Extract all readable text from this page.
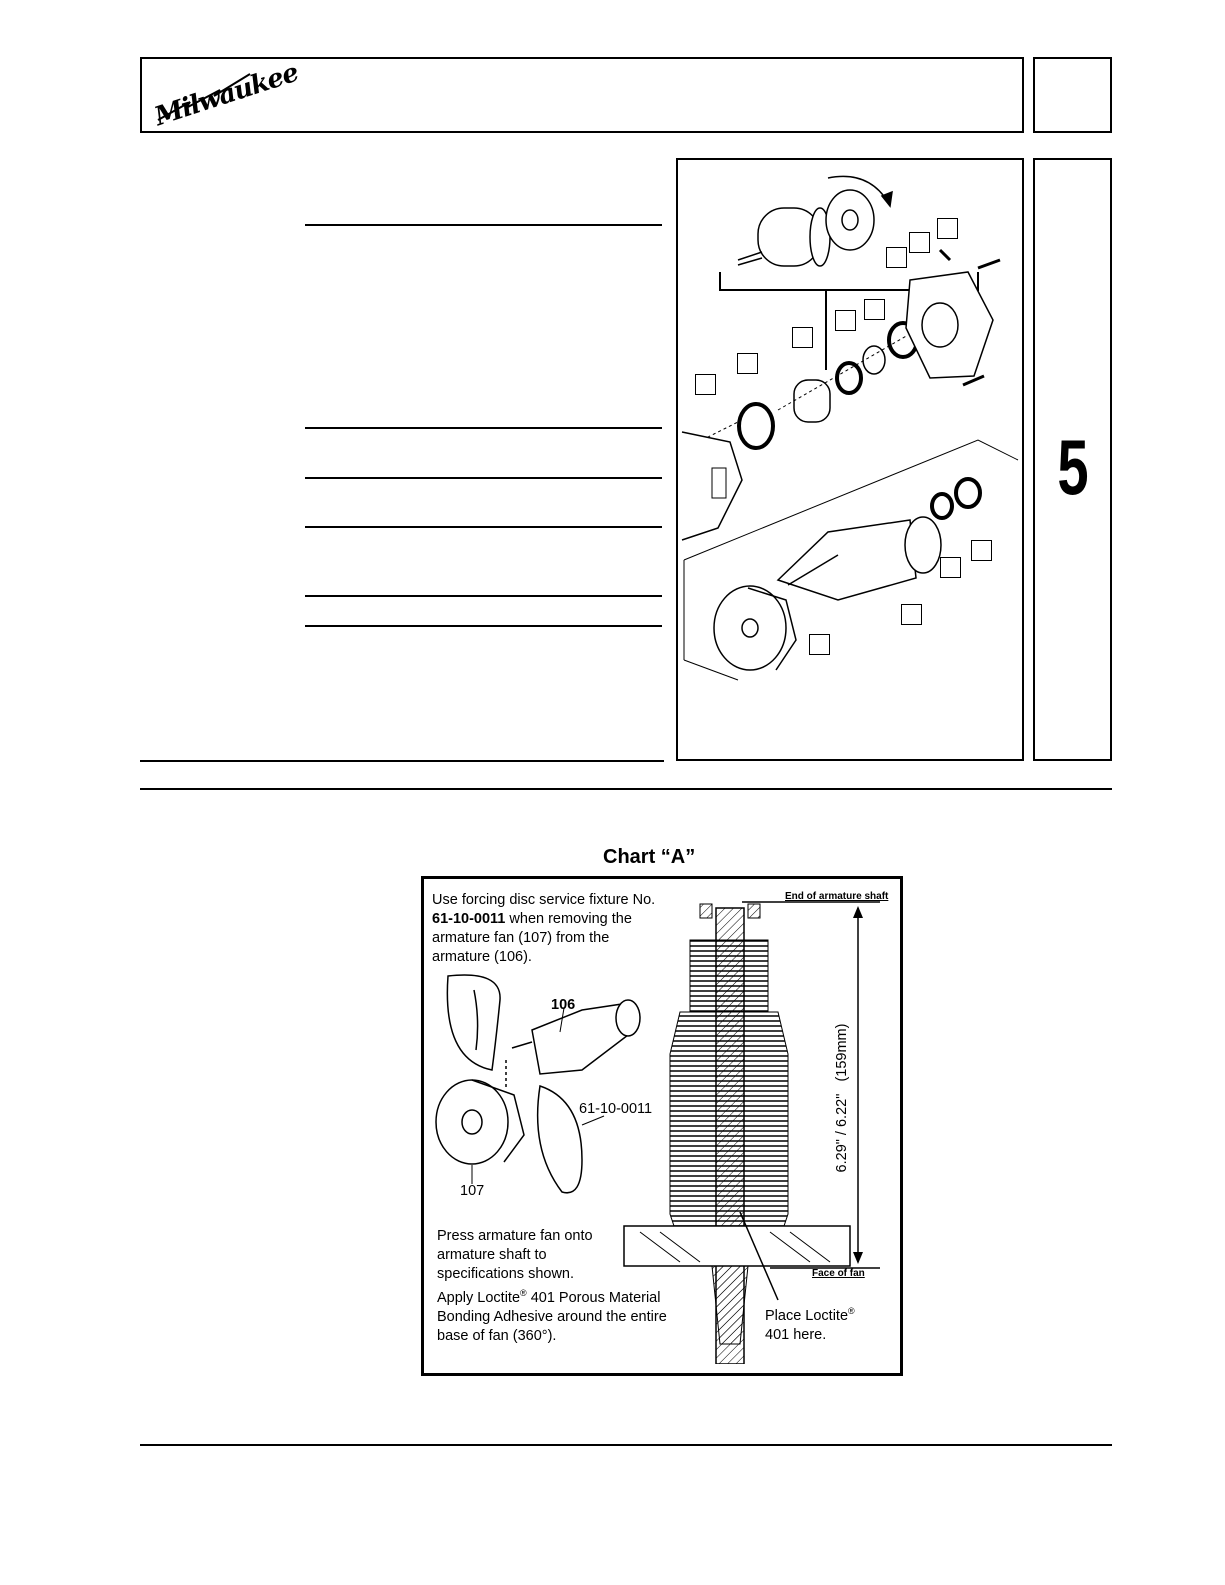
Milwaukee
5
Chart “A”
Use forcing disc service fixture No. 61-10-0011 when removing the armature fan (107) from the armature (106).
106
61-10-0011
107
Press armature fan onto armature shaft to specifications shown.
Apply Loctite® 401 Porous Material Bonding Adhesive around the entire base of fan (360°).
End of armature shaft
Face of fan
6.29" / 6.22"   (159mm)
Place Loctite®
401 here.
